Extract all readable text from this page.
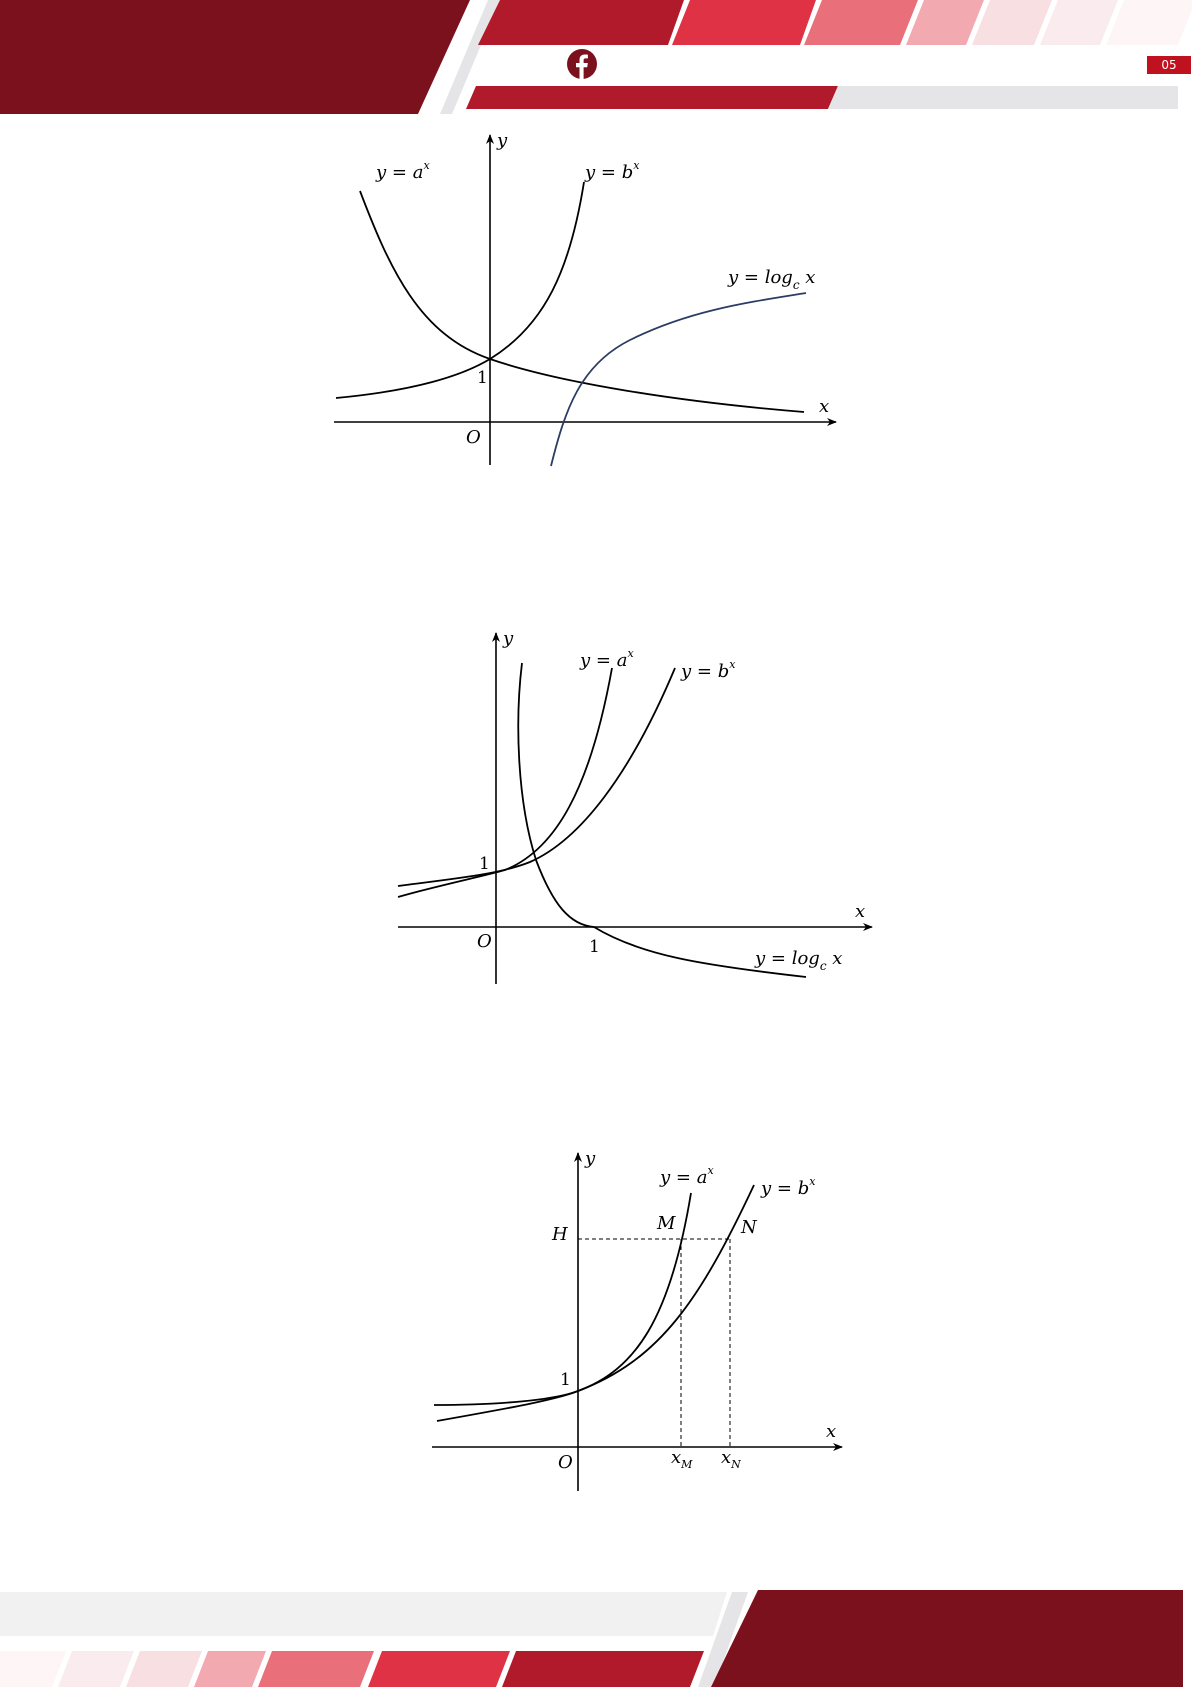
05
y
x
O
1
$y = a^x$	$y = b^x$
$y = \log_c x$
y
x
O
1
1
$y = a^x$
$y = b^x$
$y = \log_c x$
y
x
O
1
H
M	N
$y = a^x$
$y = b^x$
$x_M$ $x_N$
